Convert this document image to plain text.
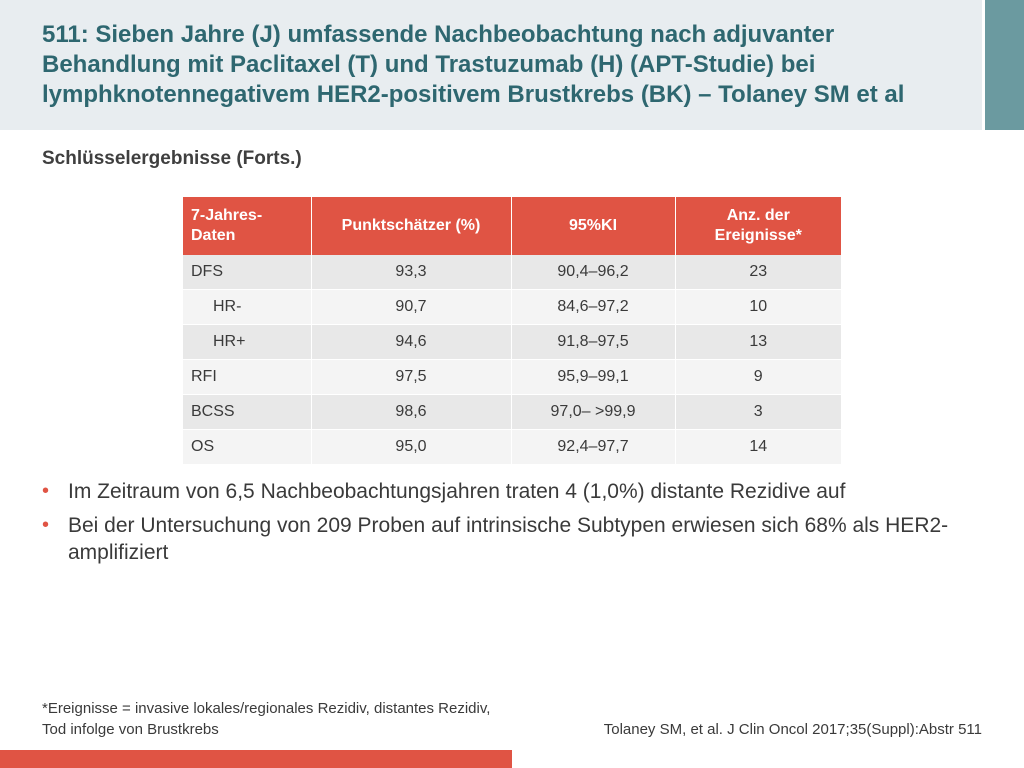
511: Sieben Jahre (J) umfassende Nachbeobachtung nach adjuvanter Behandlung mit Paclitaxel (T) und Trastuzumab (H) (APT-Studie) bei lymphknotennegativem HER2-positivem Brustkrebs (BK) – Tolaney SM et al
Schlüsselergebnisse (Forts.)
7-Jahres-Daten	Punktschätzer (%)	95%KI	Anz. der Ereignisse*
DFS	93,3	90,4–96,2	23
HR-	90,7	84,6–97,2	10
HR+	94,6	91,8–97,5	13
RFI	97,5	95,9–99,1	9
BCSS	98,6	97,0– >99,9	3
OS	95,0	92,4–97,7	14
• Im Zeitraum von 6,5 Nachbeobachtungsjahren traten 4 (1,0%) distante Rezidive auf
• Bei der Untersuchung von 209 Proben auf intrinsische Subtypen erwiesen sich 68% als HER2-amplifiziert

*Ereignisse = invasive lokales/regionales Rezidiv, distantes Rezidiv, Tod infolge von Brustkrebs	Tolaney SM, et al. J Clin Oncol 2017;35(Suppl):Abstr 511
